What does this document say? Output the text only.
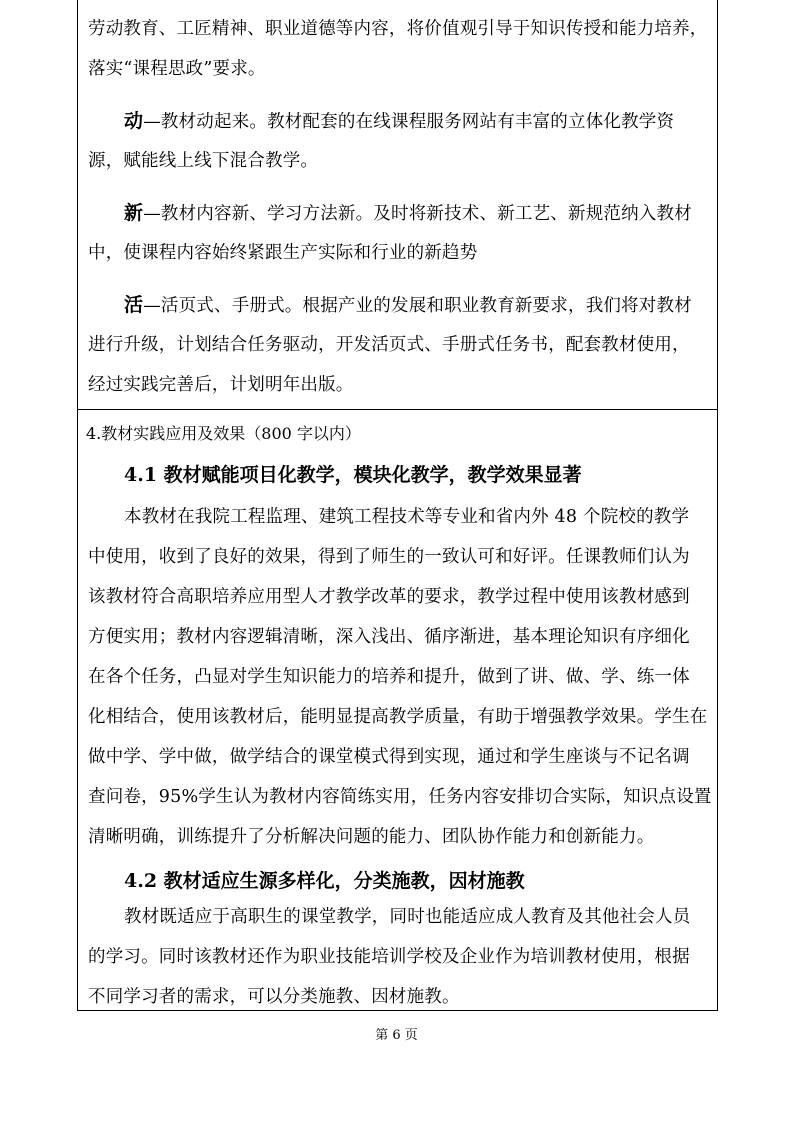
劳动教育、工匠精神、职业道德等内容，将价值观引导于知识传授和能力培养，
落实“课程思政”要求。
动—教材动起来。教材配套的在线课程服务网站有丰富的立体化教学资
源，赋能线上线下混合教学。
新—教材内容新、学习方法新。及时将新技术、新工艺、新规范纳入教材
中，使课程内容始终紧跟生产实际和行业的新趋势
活—活页式、手册式。根据产业的发展和职业教育新要求，我们将对教材
进行升级，计划结合任务驱动，开发活页式、手册式任务书，配套教材使用，
经过实践完善后，计划明年出版。
4.教材实践应用及效果（800 字以内）
4.1 教材赋能项目化教学，模块化教学，教学效果显著
本教材在我院工程监理、建筑工程技术等专业和省内外 48 个院校的教学
中使用，收到了良好的效果，得到了师生的一致认可和好评。任课教师们认为
该教材符合高职培养应用型人才教学改革的要求，教学过程中使用该教材感到
方便实用；教材内容逻辑清晰，深入浅出、循序渐进，基本理论知识有序细化
在各个任务，凸显对学生知识能力的培养和提升，做到了讲、做、学、练一体
化相结合，使用该教材后，能明显提高教学质量，有助于增强教学效果。学生在
做中学、学中做，做学结合的课堂模式得到实现，通过和学生座谈与不记名调
查问卷，95%学生认为教材内容简练实用，任务内容安排切合实际，知识点设置
清晰明确，训练提升了分析解决问题的能力、团队协作能力和创新能力。
4.2 教材适应生源多样化，分类施教，因材施教
教材既适应于高职生的课堂教学，同时也能适应成人教育及其他社会人员
的学习。同时该教材还作为职业技能培训学校及企业作为培训教材使用，根据
不同学习者的需求，可以分类施教、因材施教。
第 6 页
